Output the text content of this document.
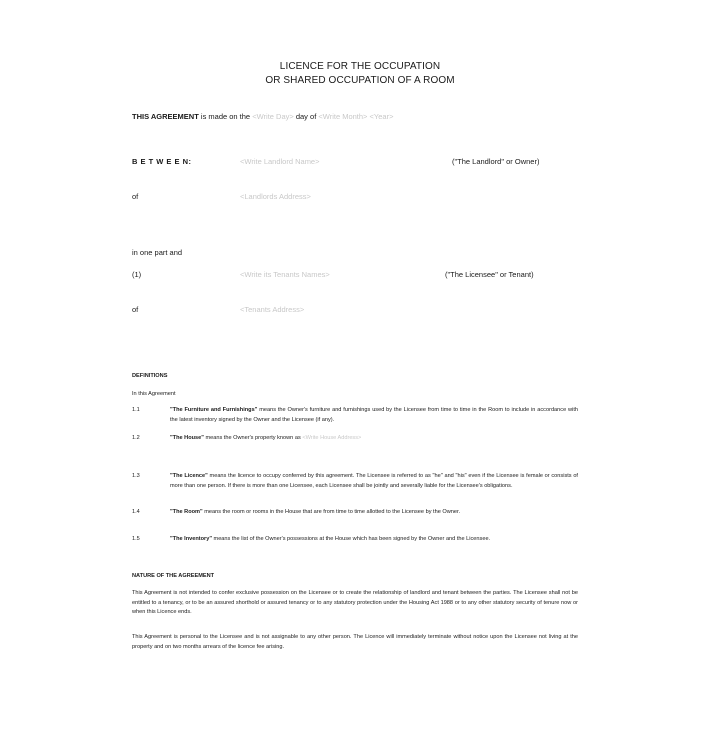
LICENCE FOR THE OCCUPATION
OR SHARED OCCUPATION OF A ROOM
THIS AGREEMENT is made on the <Write Day> day of <Write Month> <Year>
B E T W E E N:	<Write Landlord Name>	("The Landlord" or Owner)
of	<Landlords Address>
in one part and
(1)	<Write its Tenants Names>	("The Licensee" or Tenant)
of	<Tenants Address>
DEFINITIONS
In this Agreement
1.1	"The Furniture and Furnishings" means the Owner's furniture and furnishings used by the Licensee from time to time in the Room to include in accordance with the latest inventory signed by the Owner and the Licensee (if any).
1.2	"The House" means the Owner's property known as <Write House Address>
1.3	"The Licence" means the licence to occupy conferred by this agreement. The Licensee is referred to as "he" and "his" even if the Licensee is female or consists of more than one person. If there is more than one Licensee, each Licensee shall be jointly and severally liable for the Licensee's obligations.
1.4	"The Room" means the room or rooms in the House that are from time to time allotted to the Licensee by the Owner.
1.5	"The Inventory" means the list of the Owner's possessions at the House which has been signed by the Owner and the Licensee.
NATURE OF THE AGREEMENT
This Agreement is not intended to confer exclusive possession on the Licensee or to create the relationship of landlord and tenant between the parties. The Licensee shall not be entitled to a tenancy, or to be an assured shorthold or assured tenancy or to any statutory protection under the Housing Act 1988 or to any other statutory security of tenure now or when this Licence ends.
This Agreement is personal to the Licensee and is not assignable to any other person. The Licence will immediately terminate without notice upon the Licensee not living at the property and on two months arrears of the licence fee arising.
